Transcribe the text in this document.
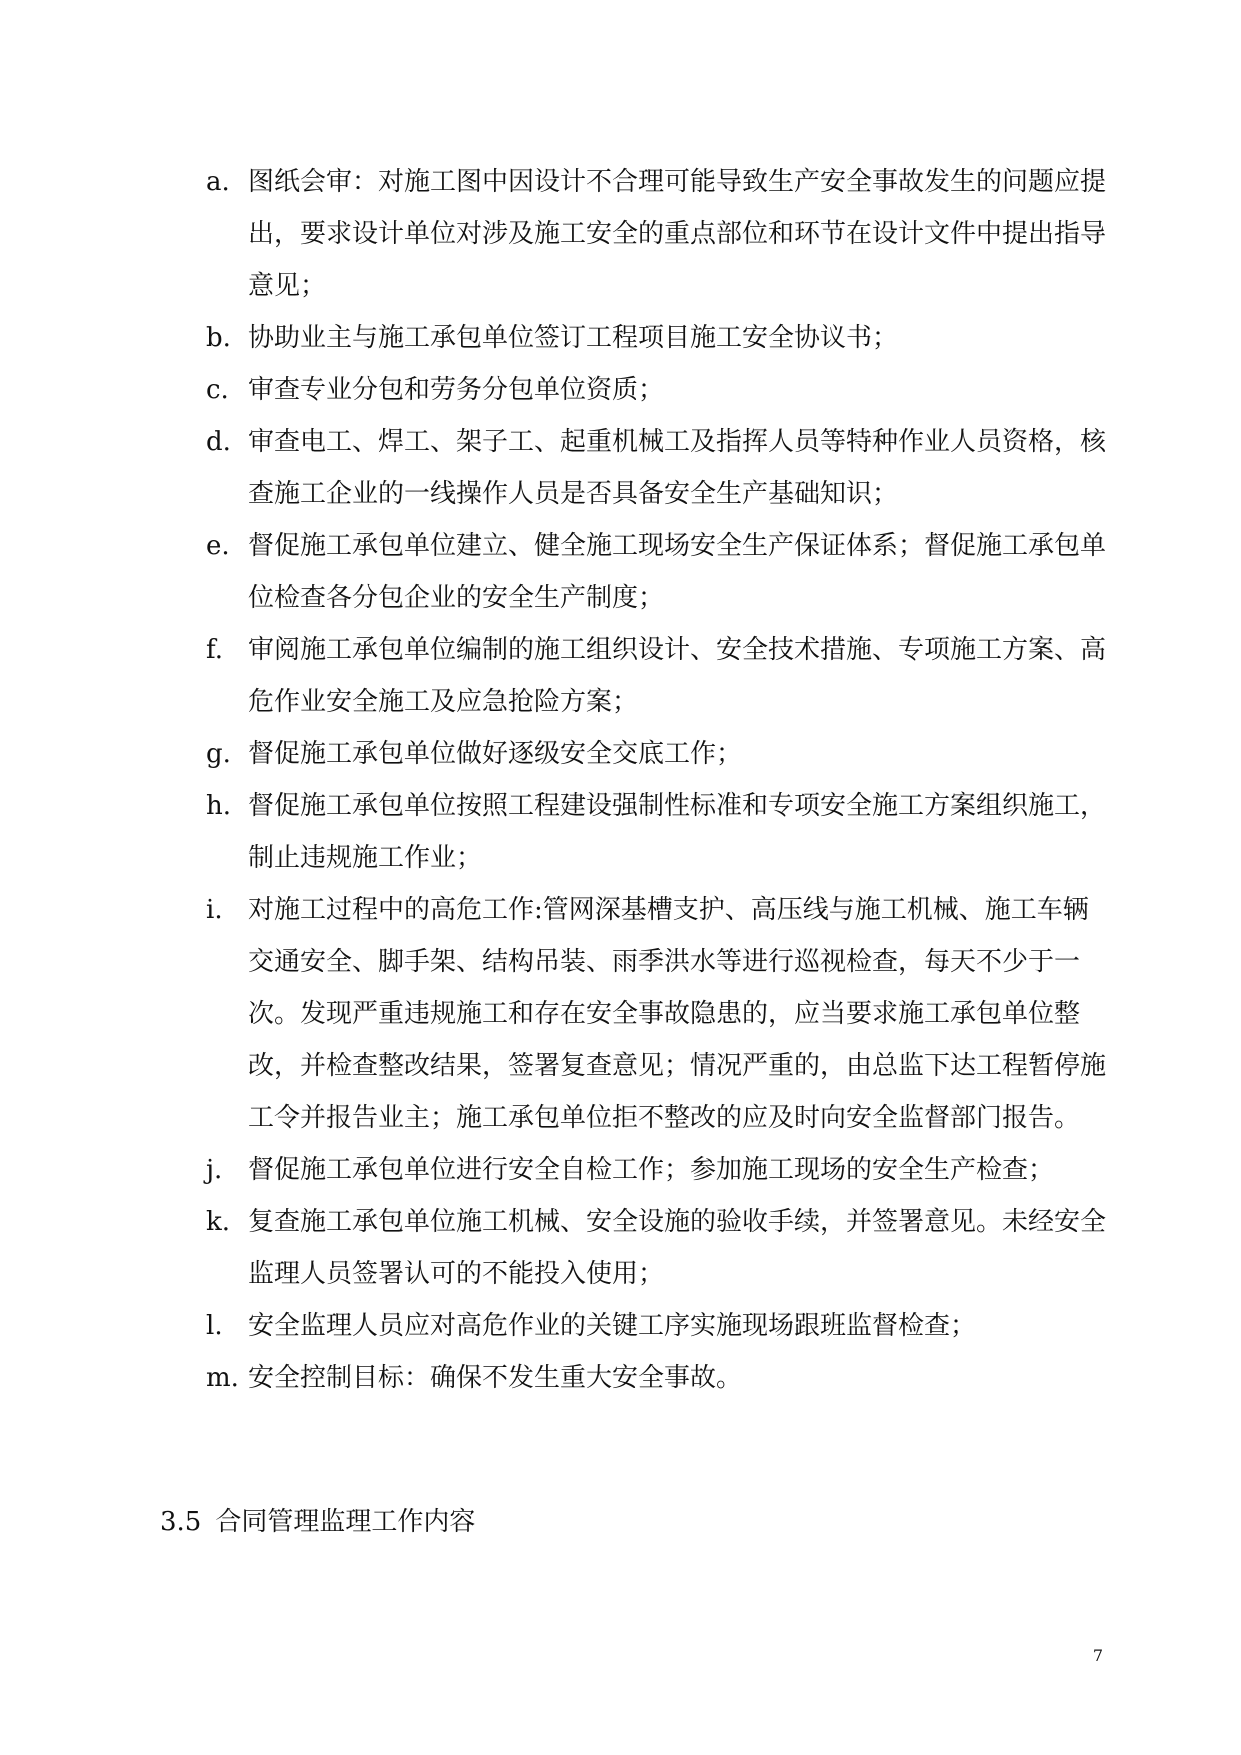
a. 图纸会审：对施工图中因设计不合理可能导致生产安全事故发生的问题应提出，要求设计单位对涉及施工安全的重点部位和环节在设计文件中提出指导意见；
b. 协助业主与施工承包单位签订工程项目施工安全协议书；
c. 审查专业分包和劳务分包单位资质；
d. 审查电工、焊工、架子工、起重机械工及指挥人员等特种作业人员资格，核查施工企业的一线操作人员是否具备安全生产基础知识；
e. 督促施工承包单位建立、健全施工现场安全生产保证体系；督促施工承包单位检查各分包企业的安全生产制度；
f. 审阅施工承包单位编制的施工组织设计、安全技术措施、专项施工方案、高危作业安全施工及应急抢险方案；
g. 督促施工承包单位做好逐级安全交底工作；
h. 督促施工承包单位按照工程建设强制性标准和专项安全施工方案组织施工，制止违规施工作业；
i. 对施工过程中的高危工作:管网深基槽支护、高压线与施工机械、施工车辆交通安全、脚手架、结构吊装、雨季洪水等进行巡视检查，每天不少于一次。发现严重违规施工和存在安全事故隐患的，应当要求施工承包单位整改，并检查整改结果，签署复查意见；情况严重的，由总监下达工程暂停施工令并报告业主；施工承包单位拒不整改的应及时向安全监督部门报告。
j. 督促施工承包单位进行安全自检工作；参加施工现场的安全生产检查；
k. 复查施工承包单位施工机械、安全设施的验收手续，并签署意见。未经安全监理人员签署认可的不能投入使用；
l. 安全监理人员应对高危作业的关键工序实施现场跟班监督检查；
m. 安全控制目标：确保不发生重大安全事故。
3.5 合同管理监理工作内容
7
